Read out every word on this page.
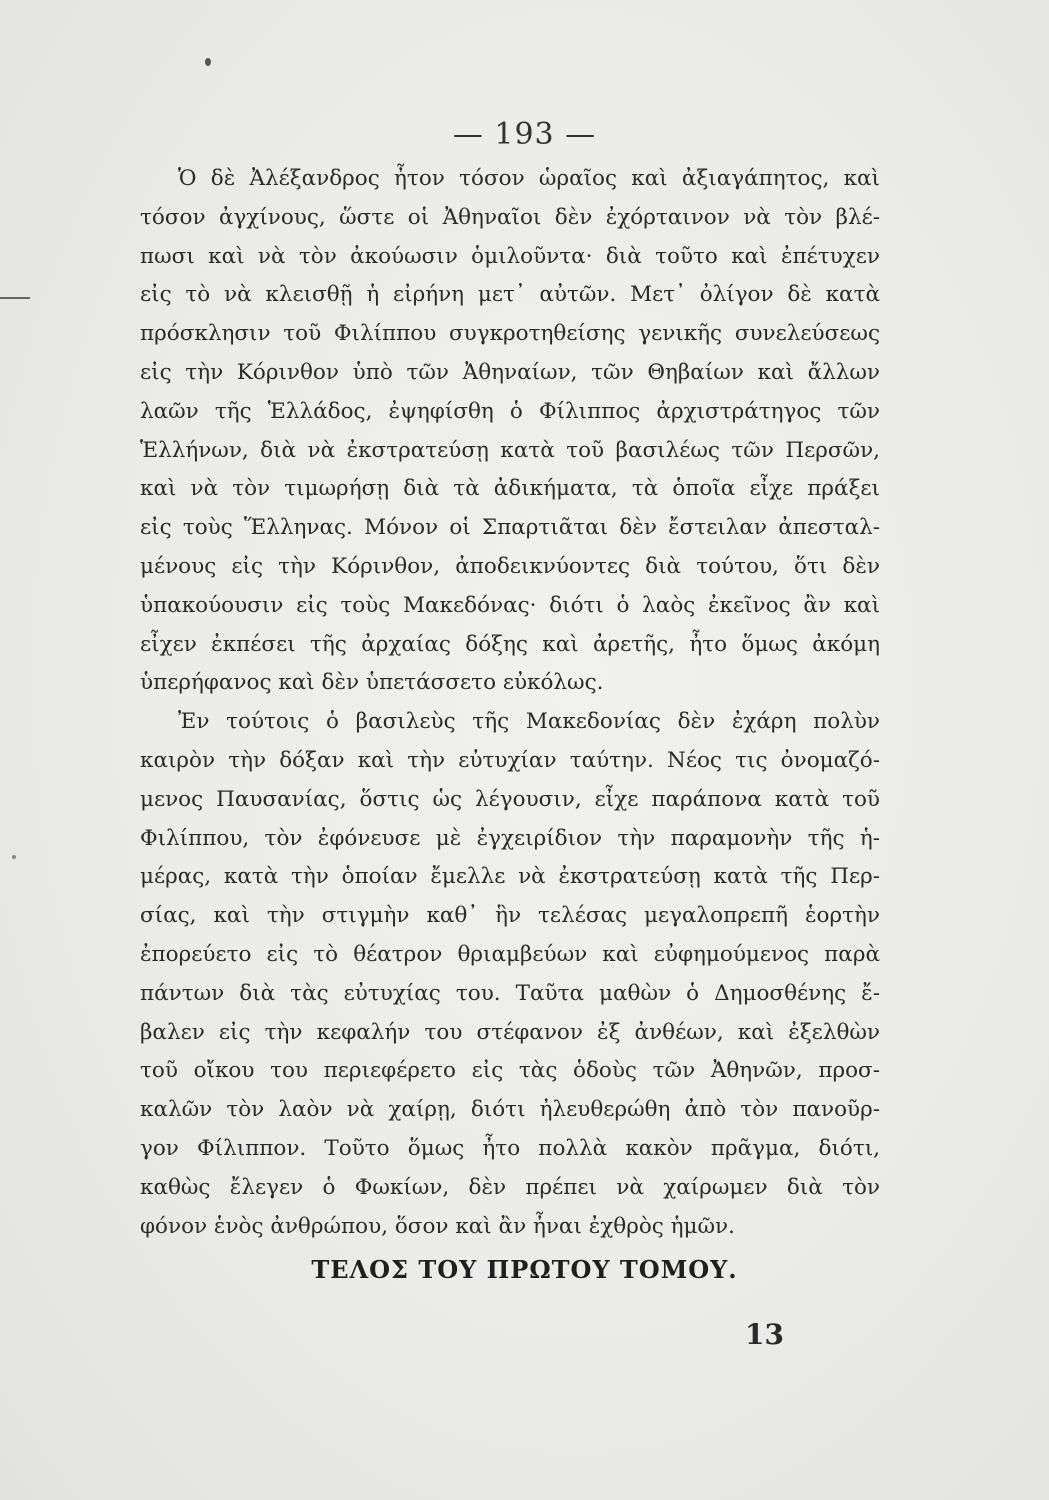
— 193 —
Ὁ δὲ Ἀλέξανδρος ἦτον τόσον ὡραῖος καὶ ἀξιαγάπητος, καὶ
τόσον ἀγχίνους, ὥστε οἱ Ἀθηναῖοι δὲν ἐχόρταινον νὰ τὸν βλέ-
πωσι καὶ νὰ τὸν ἀκούωσιν ὁμιλοῦντα· διὰ τοῦτο καὶ ἐπέτυχεν
εἰς τὸ νὰ κλεισθῇ ἡ εἰρήνη μετ᾽ αὐτῶν. Μετ᾽ ὀλίγον δὲ κατὰ
πρόσκλησιν τοῦ Φιλίππου συγκροτηθείσης γενικῆς συνελεύσεως
εἰς τὴν Κόρινθον ὑπὸ τῶν Ἀθηναίων, τῶν Θηβαίων καὶ ἄλλων
λαῶν τῆς Ἑλλάδος, ἐψηφίσθη ὁ Φίλιππος ἀρχιστράτηγος τῶν
Ἑλλήνων, διὰ νὰ ἐκστρατεύσῃ κατὰ τοῦ βασιλέως τῶν Περσῶν,
καὶ νὰ τὸν τιμωρήσῃ διὰ τὰ ἀδικήματα, τὰ ὁποῖα εἶχε πράξει
εἰς τοὺς Ἕλληνας. Μόνον οἱ Σπαρτιᾶται δὲν ἔστειλαν ἀπεσταλ-
μένους εἰς τὴν Κόρινθον, ἀποδεικνύοντες διὰ τούτου, ὅτι δὲν
ὑπακούουσιν εἰς τοὺς Μακεδόνας· διότι ὁ λαὸς ἐκεῖνος ἂν καὶ
εἶχεν ἐκπέσει τῆς ἀρχαίας δόξης καὶ ἀρετῆς, ἦτο ὅμως ἀκόμη
ὑπερήφανος καὶ δὲν ὑπετάσσετο εὐκόλως.
Ἐν τούτοις ὁ βασιλεὺς τῆς Μακεδονίας δὲν ἐχάρη πολὺν
καιρὸν τὴν δόξαν καὶ τὴν εὐτυχίαν ταύτην. Νέος τις ὀνομαζό-
μενος Παυσανίας, ὅστις ὡς λέγουσιν, εἶχε παράπονα κατὰ τοῦ
Φιλίππου, τὸν ἐφόνευσε μὲ ἐγχειρίδιον τὴν παραμονὴν τῆς ἡ-
μέρας, κατὰ τὴν ὁποίαν ἔμελλε νὰ ἐκστρατεύσῃ κατὰ τῆς Περ-
σίας, καὶ τὴν στιγμὴν καθ᾽ ἣν τελέσας μεγαλοπρεπῆ ἑορτὴν
ἐπορεύετο εἰς τὸ θέατρον θριαμβεύων καὶ εὐφημούμενος παρὰ
πάντων διὰ τὰς εὐτυχίας του. Ταῦτα μαθὼν ὁ Δημοσθένης ἔ-
βαλεν εἰς τὴν κεφαλήν του στέφανον ἐξ ἀνθέων, καὶ ἐξελθὼν
τοῦ οἴκου του περιεφέρετο εἰς τὰς ὁδοὺς τῶν Ἀθηνῶν, προσ-
καλῶν τὸν λαὸν νὰ χαίρῃ, διότι ἠλευθερώθη ἀπὸ τὸν πανοῦρ-
γον Φίλιππον. Τοῦτο ὅμως ἦτο πολλὰ κακὸν πρᾶγμα, διότι,
καθὼς ἔλεγεν ὁ Φωκίων, δὲν πρέπει νὰ χαίρωμεν διὰ τὸν
φόνον ἑνὸς ἀνθρώπου, ὅσον καὶ ἂν ἦναι ἐχθρὸς ἡμῶν.
ΤΕΛΟΣ ΤΟΥ ΠΡΩΤΟΥ ΤΟΜΟΥ.
13
